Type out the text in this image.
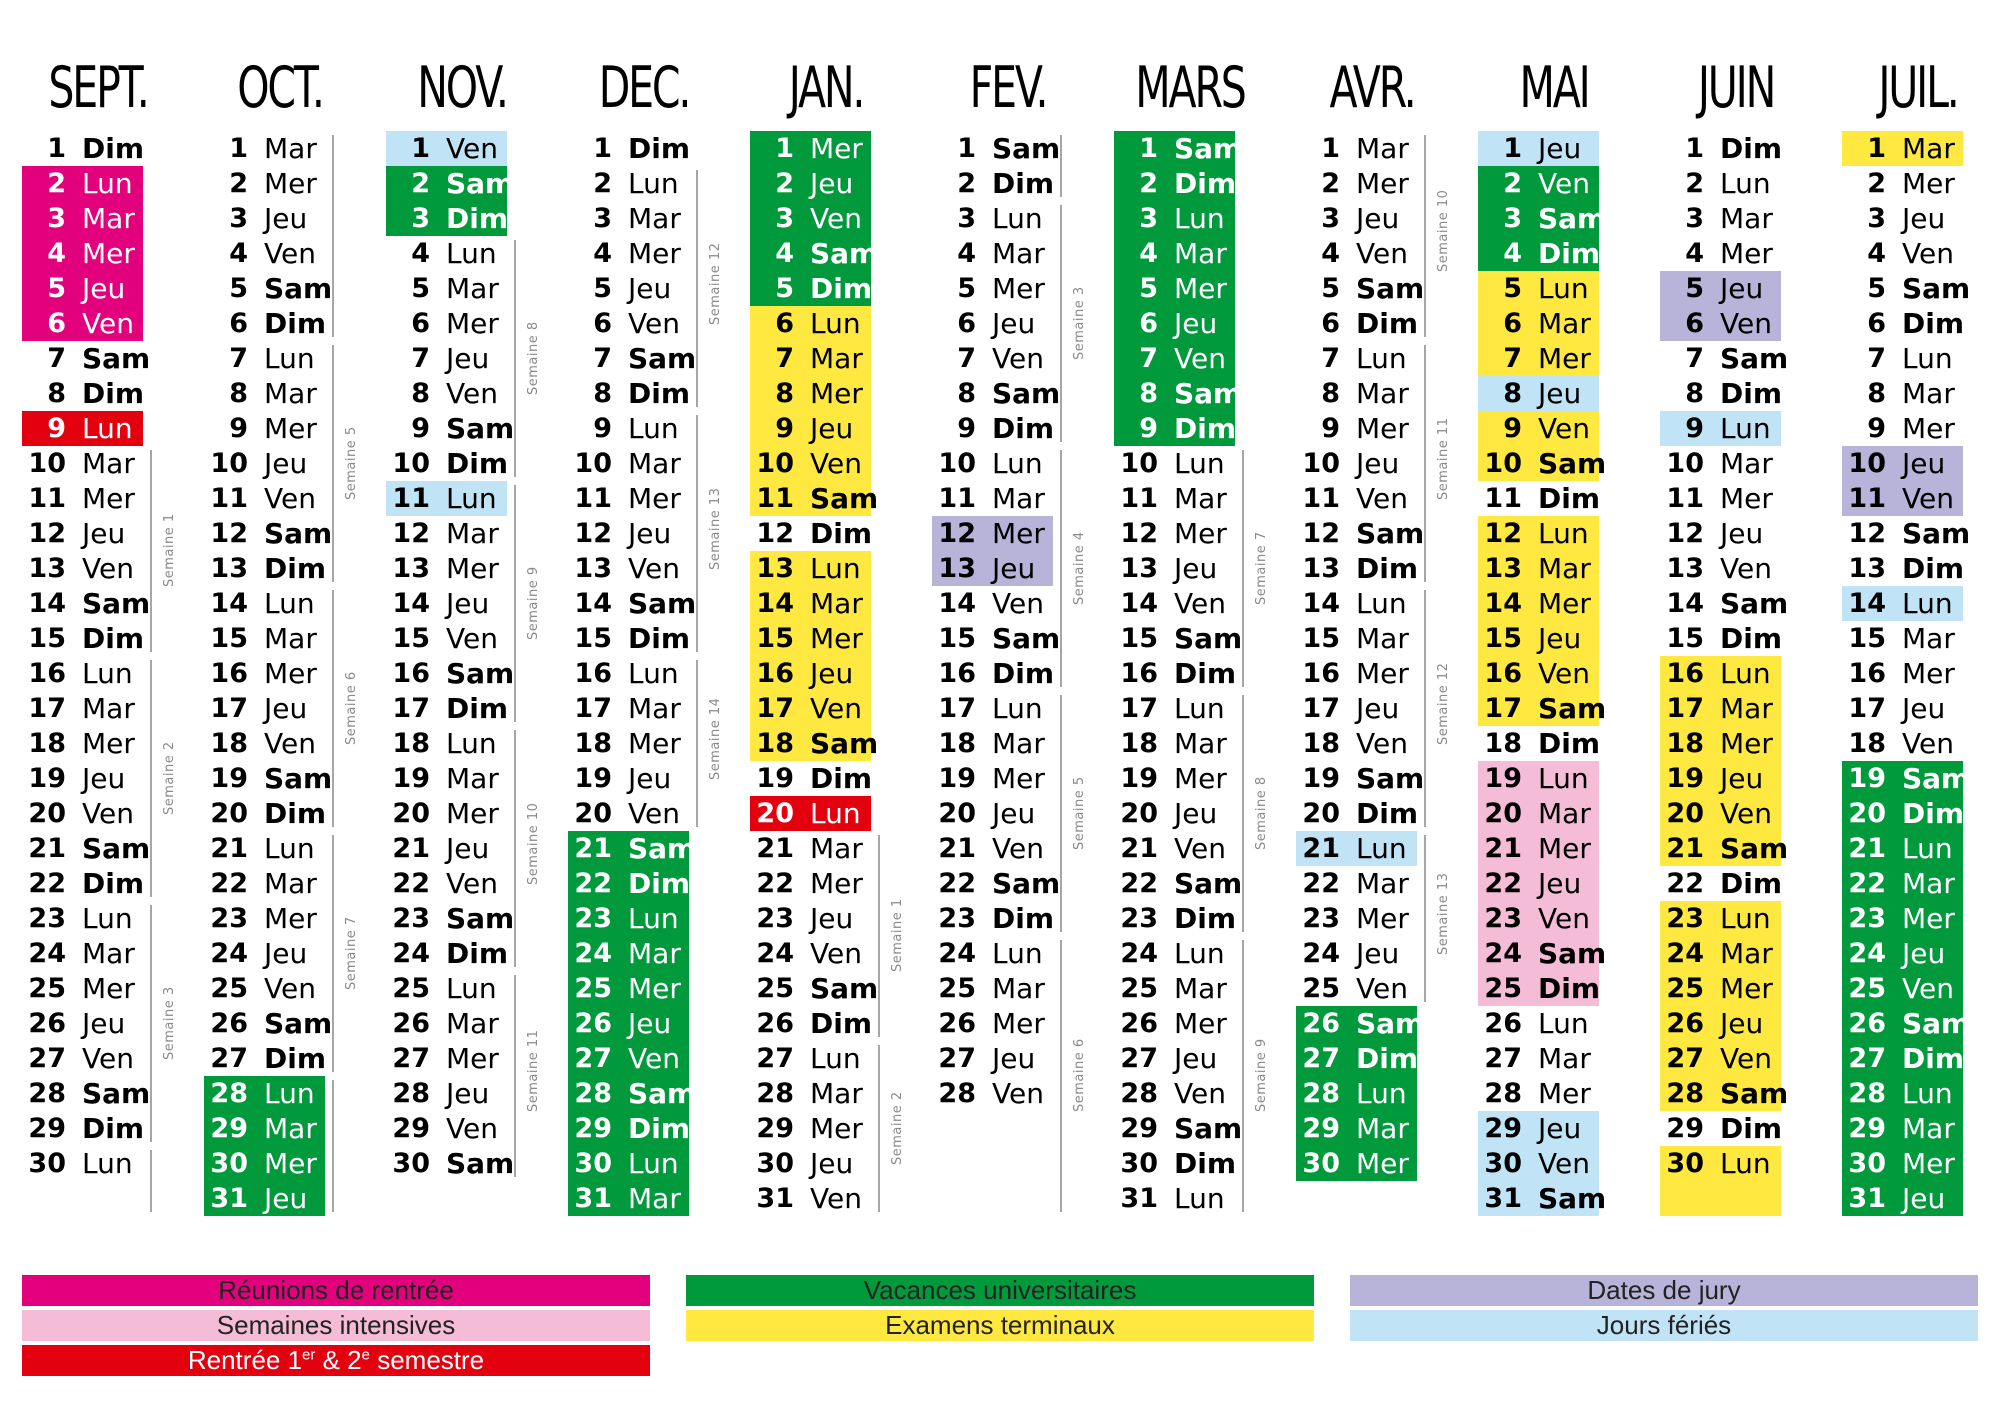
SEPT.
1 Dim
2 Lun
3 Mar
4 Mer
5 Jeu
6 Ven
7 Sam
8 Dim
9 Lun
10 Mar
11 Mer
12 Jeu
13 Ven
14 Sam
15 Dim
16 Lun
17 Mar
18 Mer
19 Jeu
20 Ven
21 Sam
22 Dim
23 Lun
24 Mar
25 Mer
26 Jeu
27 Ven
28 Sam
29 Dim
30 Lun
Semaine 1
Semaine 2
Semaine 3
OCT.
1 Mar
2 Mer
3 Jeu
4 Ven
5 Sam
6 Dim
7 Lun
8 Mar
9 Mer
10 Jeu
11 Ven
12 Sam
13 Dim
14 Lun
15 Mar
16 Mer
17 Jeu
18 Ven
19 Sam
20 Dim
21 Lun
22 Mar
23 Mer
24 Jeu
25 Ven
26 Sam
27 Dim
28 Lun
29 Mar
30 Mer
31 Jeu
Semaine 5
Semaine 6
Semaine 7
NOV.
1 Ven
2 Sam
3 Dim
4 Lun
5 Mar
6 Mer
7 Jeu
8 Ven
9 Sam
10 Dim
11 Lun
12 Mar
13 Mer
14 Jeu
15 Ven
16 Sam
17 Dim
18 Lun
19 Mar
20 Mer
21 Jeu
22 Ven
23 Sam
24 Dim
25 Lun
26 Mar
27 Mer
28 Jeu
29 Ven
30 Sam
Semaine 8
Semaine 9
Semaine 10
Semaine 11
DEC.
1 Dim
2 Lun
3 Mar
4 Mer
5 Jeu
6 Ven
7 Sam
8 Dim
9 Lun
10 Mar
11 Mer
12 Jeu
13 Ven
14 Sam
15 Dim
16 Lun
17 Mar
18 Mer
19 Jeu
20 Ven
21 Sam
22 Dim
23 Lun
24 Mar
25 Mer
26 Jeu
27 Ven
28 Sam
29 Dim
30 Lun
31 Mar
Semaine 12
Semaine 13
Semaine 14
JAN.
1 Mer
2 Jeu
3 Ven
4 Sam
5 Dim
6 Lun
7 Mar
8 Mer
9 Jeu
10 Ven
11 Sam
12 Dim
13 Lun
14 Mar
15 Mer
16 Jeu
17 Ven
18 Sam
19 Dim
20 Lun
21 Mar
22 Mer
23 Jeu
24 Ven
25 Sam
26 Dim
27 Lun
28 Mar
29 Mer
30 Jeu
31 Ven
Semaine 1
Semaine 2
FEV.
1 Sam
2 Dim
3 Lun
4 Mar
5 Mer
6 Jeu
7 Ven
8 Sam
9 Dim
10 Lun
11 Mar
12 Mer
13 Jeu
14 Ven
15 Sam
16 Dim
17 Lun
18 Mar
19 Mer
20 Jeu
21 Ven
22 Sam
23 Dim
24 Lun
25 Mar
26 Mer
27 Jeu
28 Ven
Semaine 3
Semaine 4
Semaine 5
Semaine 6
MARS
1 Sam
2 Dim
3 Lun
4 Mar
5 Mer
6 Jeu
7 Ven
8 Sam
9 Dim
10 Lun
11 Mar
12 Mer
13 Jeu
14 Ven
15 Sam
16 Dim
17 Lun
18 Mar
19 Mer
20 Jeu
21 Ven
22 Sam
23 Dim
24 Lun
25 Mar
26 Mer
27 Jeu
28 Ven
29 Sam
30 Dim
31 Lun
Semaine 7
Semaine 8
Semaine 9
AVR.
1 Mar
2 Mer
3 Jeu
4 Ven
5 Sam
6 Dim
7 Lun
8 Mar
9 Mer
10 Jeu
11 Ven
12 Sam
13 Dim
14 Lun
15 Mar
16 Mer
17 Jeu
18 Ven
19 Sam
20 Dim
21 Lun
22 Mar
23 Mer
24 Jeu
25 Ven
26 Sam
27 Dim
28 Lun
29 Mar
30 Mer
Semaine 10
Semaine 11
Semaine 12
Semaine 13
MAI
1 Jeu
2 Ven
3 Sam
4 Dim
5 Lun
6 Mar
7 Mer
8 Jeu
9 Ven
10 Sam
11 Dim
12 Lun
13 Mar
14 Mer
15 Jeu
16 Ven
17 Sam
18 Dim
19 Lun
20 Mar
21 Mer
22 Jeu
23 Ven
24 Sam
25 Dim
26 Lun
27 Mar
28 Mer
29 Jeu
30 Ven
31 Sam
JUIN
1 Dim
2 Lun
3 Mar
4 Mer
5 Jeu
6 Ven
7 Sam
8 Dim
9 Lun
10 Mar
11 Mer
12 Jeu
13 Ven
14 Sam
15 Dim
16 Lun
17 Mar
18 Mer
19 Jeu
20 Ven
21 Sam
22 Dim
23 Lun
24 Mar
25 Mer
26 Jeu
27 Ven
28 Sam
29 Dim
30 Lun
JUIL.
1 Mar
2 Mer
3 Jeu
4 Ven
5 Sam
6 Dim
7 Lun
8 Mar
9 Mer
10 Jeu
11 Ven
12 Sam
13 Dim
14 Lun
15 Mar
16 Mer
17 Jeu
18 Ven
19 Sam
20 Dim
21 Lun
22 Mar
23 Mer
24 Jeu
25 Ven
26 Sam
27 Dim
28 Lun
29 Mar
30 Mer
31 Jeu
Réunions de rentrée
Semaines intensives
Rentrée 1er & 2e semestre
Vacances universitaires
Examens terminaux
Dates de jury
Jours fériés
